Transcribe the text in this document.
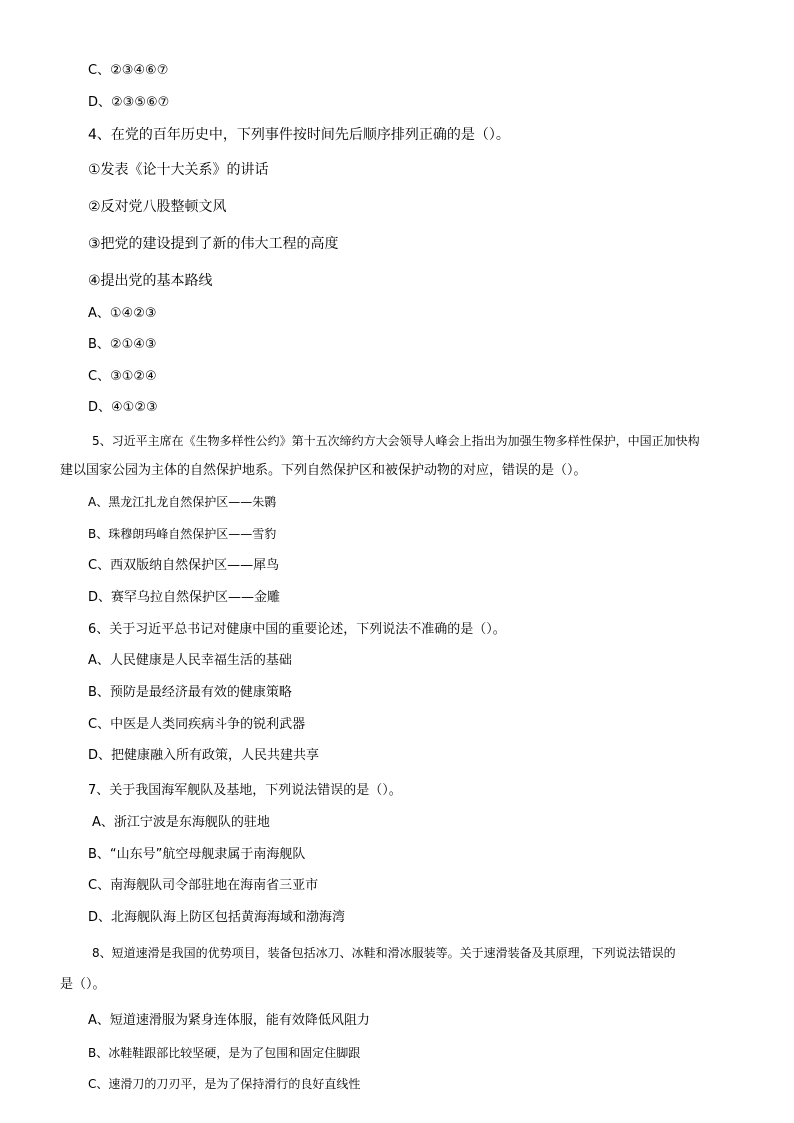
C、②③④⑥⑦
D、②③⑤⑥⑦
4、在党的百年历史中，下列事件按时间先后顺序排列正确的是（）。
①发表《论十大关系》的讲话
②反对党八股整顿文风
③把党的建设提到了新的伟大工程的高度
④提出党的基本路线
A、①④②③
B、②①④③
C、③①②④
D、④①②③
5、习近平主席在《生物多样性公约》第十五次缔约方大会领导人峰会上指出为加强生物多样性保护，中国正加快构
建以国家公园为主体的自然保护地系。下列自然保护区和被保护动物的对应，错误的是（）。
A、黑龙江扎龙自然保护区——朱鹮
B、珠穆朗玛峰自然保护区——雪豹
C、西双版纳自然保护区——犀鸟
D、赛罕乌拉自然保护区——金雕
6、关于习近平总书记对健康中国的重要论述，下列说法不准确的是（）。
A、人民健康是人民幸福生活的基础
B、预防是最经济最有效的健康策略
C、中医是人类同疾病斗争的锐利武器
D、把健康融入所有政策，人民共建共享
7、关于我国海军舰队及基地，下列说法错误的是（）。
A、浙江宁波是东海舰队的驻地
B、“山东号”航空母舰隶属于南海舰队
C、南海舰队司令部驻地在海南省三亚市
D、北海舰队海上防区包括黄海海域和渤海湾
8、短道速滑是我国的优势项目，装备包括冰刀、冰鞋和滑冰服装等。关于速滑装备及其原理，下列说法错误的
是（）。
A、短道速滑服为紧身连体服，能有效降低风阻力
B、冰鞋鞋跟部比较坚硬，是为了包围和固定住脚跟
C、速滑刀的刀刃平，是为了保持滑行的良好直线性
